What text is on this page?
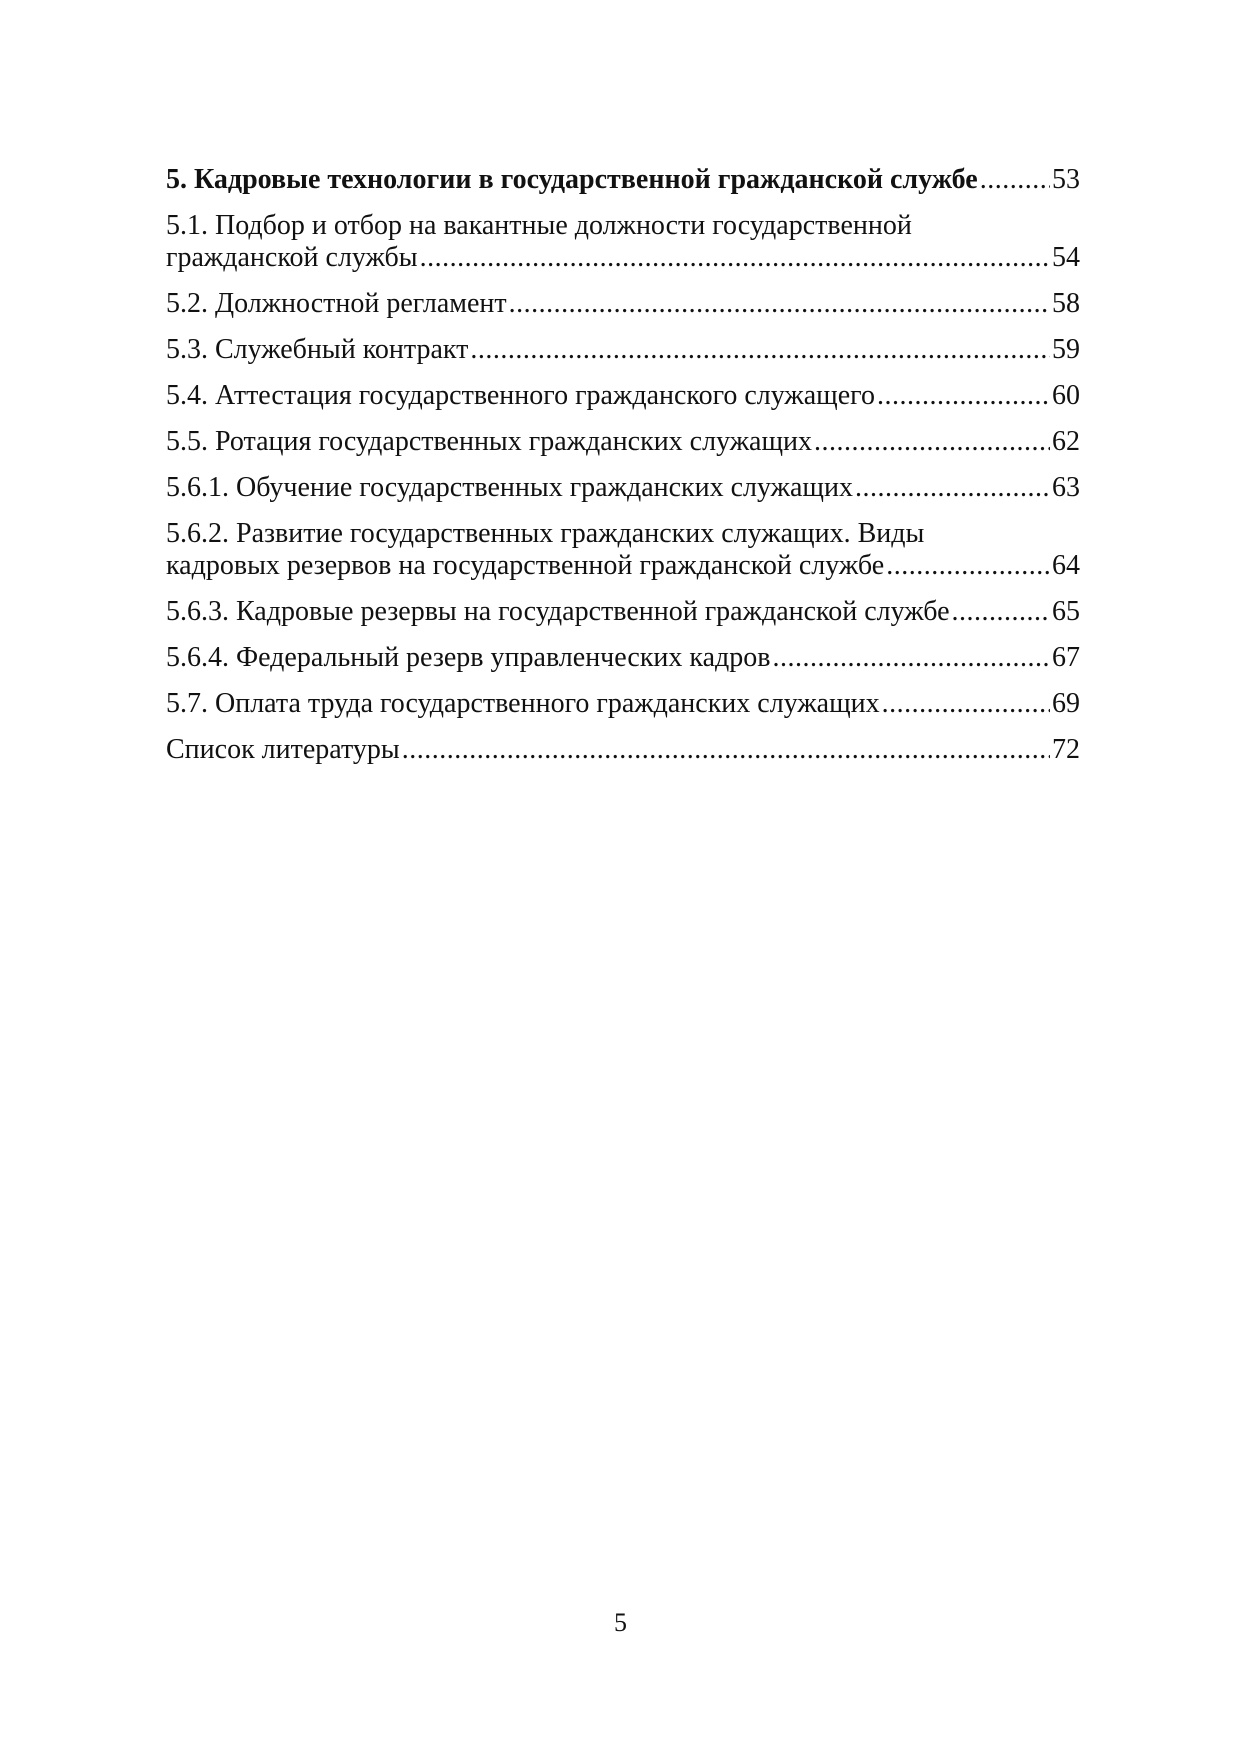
5. Кадровые технологии в государственной гражданской службе .....	53
5.1. Подбор и отбор на вакантные должности государственной
гражданской службы .....	54
5.2. Должностной регламент .....	58
5.3. Служебный контракт .....	59
5.4. Аттестация государственного гражданского служащего .....	60
5.5. Ротация государственных гражданских служащих .....	62
5.6.1. Обучение государственных гражданских служащих .....	63
5.6.2. Развитие государственных гражданских служащих. Виды
кадровых резервов на государственной гражданской службе .....	64
5.6.3. Кадровые резервы на государственной гражданской службе .....	65
5.6.4. Федеральный резерв управленческих кадров .....	67
5.7. Оплата труда государственного гражданских служащих .....	69
Список литературы .....	72
5
